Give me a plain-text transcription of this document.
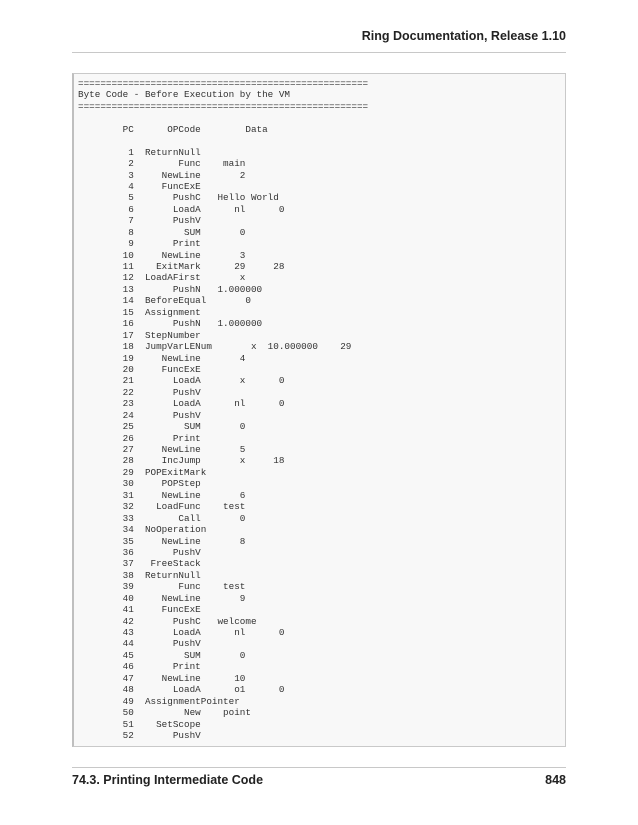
Ring Documentation, Release 1.10
====================================================
Byte Code - Before Execution by the VM
====================================================

PC      OPCode        Data

1  ReturnNull
2        Func    main
3     NewLine       2
4     FuncExE
5       PushC   Hello World
6       LoadA      nl      0
7       PushV
8         SUM       0
9       Print
10     NewLine       3
11    ExitMark      29     28
12  LoadAFirst       x
13       PushN   1.000000
14  BeforeEqual       0
15  Assignment
16       PushN   1.000000
17  StepNumber
18  JumpVarLENum       x  10.000000    29
19     NewLine       4
20     FuncExE
21       LoadA       x      0
22       PushV
23       LoadA      nl      0
24       PushV
25         SUM       0
26       Print
27     NewLine       5
28     IncJump       x     18
29  POPExitMark
30     POPStep
31     NewLine       6
32    LoadFunc    test
33        Call       0
34  NoOperation
35     NewLine       8
36       PushV
37   FreeStack
38  ReturnNull
39        Func    test
40     NewLine       9
41     FuncExE
42       PushC   welcome
43       LoadA      nl      0
44       PushV
45         SUM       0
46       Print
47     NewLine      10
48       LoadA      o1      0
49  AssignmentPointer
50         New    point
51    SetScope
52       PushV
74.3. Printing Intermediate Code	848
